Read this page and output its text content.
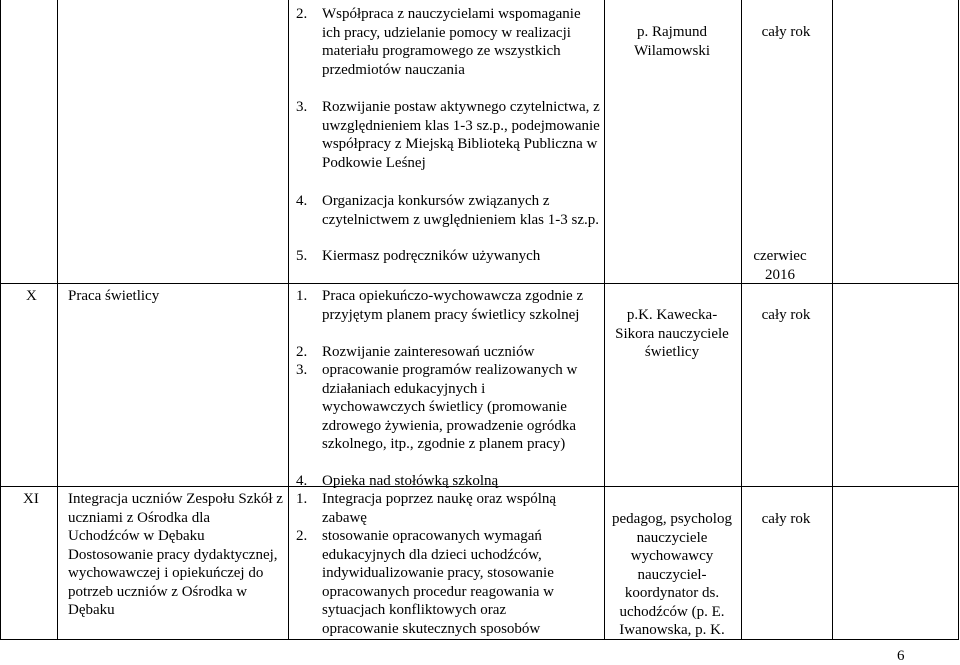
2. Współpraca z nauczycielami wspomaganie ich pracy, udzielanie pomocy w realizacji materiału programowego ze wszystkich przedmiotów nauczania
3. Rozwijanie postaw aktywnego czytelnictwa, z uwzględnieniem klas 1-3 sz.p., podejmowanie współpracy z Miejską Biblioteką Publiczna w Podkowie Leśnej
4. Organizacja konkursów związanych z czytelnictwem z uwględnieniem klas 1-3 sz.p.
5. Kiermasz podręczników używanych
p. Rajmund Wilamowski
cały rok
czerwiec 2016
X Praca świetlicy	1. Praca opiekuńczo-wychowawcza zgodnie z przyjętym planem pracy świetlicy szkolnej
2. Rozwijanie zainteresowań uczniów
3. opracowanie programów realizowanych w działaniach edukacyjnych i wychowawczych świetlicy (promowanie zdrowego żywienia, prowadzenie ogródka szkolnego, itp., zgodnie z planem pracy)
4. Opieka nad stołówką szkolną
p.K. Kawecka-Sikora nauczyciele świetlicy
cały rok
XI Integracja uczniów Zespołu Szkół z uczniami z Ośrodka dla Uchodźców w Dębaku Dostosowanie pracy dydaktycznej, wychowawczej i opiekuńczej do potrzeb uczniów z Ośrodka w Dębaku
1. Integracja poprzez naukę oraz wspólną zabawę
2. stosowanie opracowanych wymagań edukacyjnych dla dzieci uchodźców, indywidualizowanie pracy, stosowanie opracowanych procedur reagowania w sytuacjach konfliktowych oraz opracowanie skutecznych sposobów
pedagog, psycholog nauczyciele wychowawcy nauczyciel-koordynator ds. uchodźców (p. E. Iwanowska, p. K.
cały rok
6
